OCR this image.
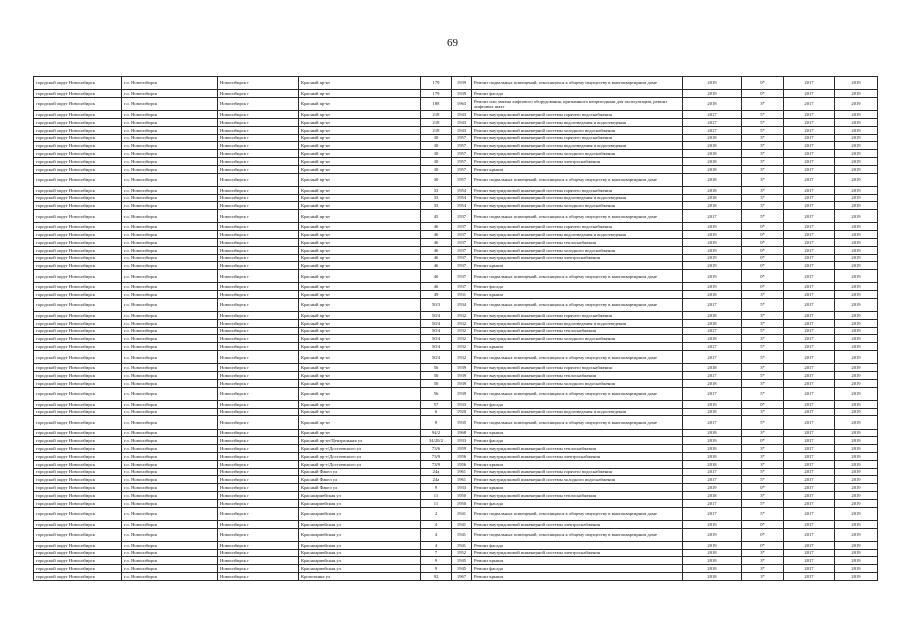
69
городской округ Новосибирск	г.о. Новосибирск	Новосибирск г	Красный пр-кт	179	1939	Ремонт подвальных помещений, относящихся к общему имуществу в многоквартирном доме	2019	0*	2017	2019
городской округ Новосибирск	г.о. Новосибирск	Новосибирск г	Красный пр-кт	179	1939	Ремонт фасада	2019	0*	2017	2019
городской округ Новосибирск	г.о. Новосибирск	Новосибирск г	Красный пр-кт	188	1963	Ремонт или замена лифтового оборудования, признанного непригодным для эксплуатации, ремонт лифтовых шахт	2018	3*	2017	2019
городской округ Новосибирск	г.о. Новосибирск	Новосибирск г	Красный пр-кт	218	1943	Ремонт внутридомовой инженерной системы горячего водоснабжения	2017	5*	2017	2019
городской округ Новосибирск	г.о. Новосибирск	Новосибирск г	Красный пр-кт	218	1943	Ремонт внутридомовой инженерной системы водоотведения и водоотведения	2017	5*	2017	2019
городской округ Новосибирск	г.о. Новосибирск	Новосибирск г	Красный пр-кт	218	1943	Ремонт внутридомовой инженерной системы холодного водоснабжения	2017	5*	2017	2019
городской округ Новосибирск	г.о. Новосибирск	Новосибирск г	Красный пр-кт	30	1957	Ремонт внутридомовой инженерной системы горячего водоснабжения	2018	3*	2017	2019
городской округ Новосибирск	г.о. Новосибирск	Новосибирск г	Красный пр-кт	30	1957	Ремонт внутридомовой инженерной системы водоотведения и водоотведения	2018	3*	2017	2019
городской округ Новосибирск	г.о. Новосибирск	Новосибирск г	Красный пр-кт	30	1957	Ремонт внутридомовой инженерной системы холодного водоснабжения	2018	3*	2017	2019
городской округ Новосибирск	г.о. Новосибирск	Новосибирск г	Красный пр-кт	30	1957	Ремонт внутридомовой инженерной системы электроснабжения	2018	3*	2017	2019
городской округ Новосибирск	г.о. Новосибирск	Новосибирск г	Красный пр-кт	30	1957	Ремонт крыши	2018	3*	2017	2019
городской округ Новосибирск	г.о. Новосибирск	Новосибирск г	Красный пр-кт	30	1957	Ремонт подвальных помещений, относящихся к общему имуществу в многоквартирном доме	2018	3*	2017	2019
городской округ Новосибирск	г.о. Новосибирск	Новосибирск г	Красный пр-кт	33	1954	Ремонт внутридомовой инженерной системы горячего водоснабжения	2018	3*	2017	2019
городской округ Новосибирск	г.о. Новосибирск	Новосибирск г	Красный пр-кт	33	1954	Ремонт внутридомовой инженерной системы водоотведения и водоотведения	2018	3*	2017	2019
городской округ Новосибирск	г.о. Новосибирск	Новосибирск г	Красный пр-кт	33	1954	Ремонт внутридомовой инженерной системы холодного водоснабжения	2018	3*	2017	2019
городской округ Новосибирск	г.о. Новосибирск	Новосибирск г	Красный пр-кт	45	1937	Ремонт подвальных помещений, относящихся к общему имуществу в многоквартирном доме	2017	5*	2017	2019
городской округ Новосибирск	г.о. Новосибирск	Новосибирск г	Красный пр-кт	46	1937	Ремонт внутридомовой инженерной системы горячего водоснабжения	2019	0*	2017	2019
городской округ Новосибирск	г.о. Новосибирск	Новосибирск г	Красный пр-кт	46	1937	Ремонт внутридомовой инженерной системы водоотведения и водоотведения	2019	0*	2017	2019
городской округ Новосибирск	г.о. Новосибирск	Новосибирск г	Красный пр-кт	46	1937	Ремонт внутридомовой инженерной системы теплоснабжения	2019	0*	2017	2019
городской округ Новосибирск	г.о. Новосибирск	Новосибирск г	Красный пр-кт	46	1937	Ремонт внутридомовой инженерной системы холодного водоснабжения	2019	0*	2017	2019
городской округ Новосибирск	г.о. Новосибирск	Новосибирск г	Красный пр-кт	46	1937	Ремонт внутридомовой инженерной системы электроснабжения	2019	0*	2017	2019
городской округ Новосибирск	г.о. Новосибирск	Новосибирск г	Красный пр-кт	46	1937	Ремонт крыши	2019	0*	2017	2019
городской округ Новосибирск	г.о. Новосибирск	Новосибирск г	Красный пр-кт	46	1937	Ремонт подвальных помещений, относящихся к общему имуществу в многоквартирном доме	2019	0*	2017	2019
городской округ Новосибирск	г.о. Новосибирск	Новосибирск г	Красный пр-кт	46	1937	Ремонт фасада	2019	0*	2017	2019
городской округ Новосибирск	г.о. Новосибирск	Новосибирск г	Красный пр-кт	49	1931	Ремонт крыши	2018	3*	2017	2019
городской округ Новосибирск	г.о. Новосибирск	Новосибирск г	Красный пр-кт	50/3	1934	Ремонт подвальных помещений, относящихся к общему имуществу в многоквартирном доме	2017	5*	2017	2019
городской округ Новосибирск	г.о. Новосибирск	Новосибирск г	Красный пр-кт	50/4	1932	Ремонт внутридомовой инженерной системы горячего водоснабжения	2018	3*	2017	2019
городской округ Новосибирск	г.о. Новосибирск	Новосибирск г	Красный пр-кт	50/4	1932	Ремонт внутридомовой инженерной системы водоотведения и водоотведения	2018	3*	2017	2019
городской округ Новосибирск	г.о. Новосибирск	Новосибирск г	Красный пр-кт	50/4	1932	Ремонт внутридомовой инженерной системы теплоснабжения	2017	5*	2017	2019
городской округ Новосибирск	г.о. Новосибирск	Новосибирск г	Красный пр-кт	50/4	1932	Ремонт внутридомовой инженерной системы холодного водоснабжения	2018	3*	2017	2019
городской округ Новосибирск	г.о. Новосибирск	Новосибирск г	Красный пр-кт	50/4	1932	Ремонт крыши	2017	5*	2017	2019
городской округ Новосибирск	г.о. Новосибирск	Новосибирск г	Красный пр-кт	50/4	1932	Ремонт подвальных помещений, относящихся к общему имуществу в многоквартирном доме	2017	5*	2017	2019
городской округ Новосибирск	г.о. Новосибирск	Новосибирск г	Красный пр-кт	56	1939	Ремонт внутридомовой инженерной системы горячего водоснабжения	2018	3*	2017	2019
городской округ Новосибирск	г.о. Новосибирск	Новосибирск г	Красный пр-кт	56	1939	Ремонт внутридомовой инженерной системы теплоснабжения	2017	5*	2017	2019
городской округ Новосибирск	г.о. Новосибирск	Новосибирск г	Красный пр-кт	56	1939	Ремонт внутридомовой инженерной системы холодного водоснабжения	2018	3*	2017	2019
городской округ Новосибирск	г.о. Новосибирск	Новосибирск г	Красный пр-кт	56	1939	Ремонт подвальных помещений, относящихся к общему имуществу в многоквартирном доме	2017	5*	2017	2019
городской округ Новосибирск	г.о. Новосибирск	Новосибирск г	Красный пр-кт	57	1933	Ремонт фасада	2019	0*	2017	2019
городской округ Новосибирск	г.о. Новосибирск	Новосибирск г	Красный пр-кт	6	1920	Ремонт внутридомовой инженерной системы водоотведения и водоотведения	2018	3*	2017	2019
городской округ Новосибирск	г.о. Новосибирск	Новосибирск г	Красный пр-кт	8	1935	Ремонт подвальных помещений, относящихся к общему имуществу в многоквартирном доме	2017	5*	2017	2019
городской округ Новосибирск	г.о. Новосибирск	Новосибирск г	Красный пр-кт	94/2	1968	Ремонт крыши	2018	3*	2017	2019
городской округ Новосибирск	г.о. Новосибирск	Новосибирск г	Красный пр-кт/Центральная ул	34/20/2	1933	Ремонт фасада	2019	0*	2017	2019
городской округ Новосибирск	г.о. Новосибирск	Новосибирск г	Красный пр-т/Достоевского ул	73/6	1959	Ремонт внутридомовой инженерной системы теплоснабжения	2018	3*	2017	2019
городской округ Новосибирск	г.о. Новосибирск	Новосибирск г	Красный пр-т/Достоевского ул	73/9	1956	Ремонт внутридомовой инженерной системы электроснабжения	2018	3*	2017	2019
городской округ Новосибирск	г.о. Новосибирск	Новосибирск г	Красный пр-т/Достоевского ул	73/9	1956	Ремонт крыши	2018	3*	2017	2019
городской округ Новосибирск	г.о. Новосибирск	Новосибирск г	Красный Факел ул	24а	1961	Ремонт внутридомовой инженерной системы горячего водоснабжения	2017	5*	2017	2019
городской округ Новосибирск	г.о. Новосибирск	Новосибирск г	Красный Факел ул	24а	1961	Ремонт внутридомовой инженерной системы холодного водоснабжения	2017	5*	2017	2019
городской округ Новосибирск	г.о. Новосибирск	Новосибирск г	Красный Факел ул	9	1933	Ремонт крыши	2019	0*	2017	2019
городской округ Новосибирск	г.о. Новосибирск	Новосибирск г	Красноармейская ул	11	1950	Ремонт внутридомовой инженерной системы теплоснабжения	2018	3*	2017	2019
городской округ Новосибирск	г.о. Новосибирск	Новосибирск г	Красноармейская ул	11	1950	Ремонт фасада	2017	5*	2017	2019
городской округ Новосибирск	г.о. Новосибирск	Новосибирск г	Красноармейская ул	2	1941	Ремонт подвальных помещений, относящихся к общему имуществу в многоквартирном доме	2017	5*	2017	2019
городской округ Новосибирск	г.о. Новосибирск	Новосибирск г	Красноармейская ул	4	1941	Ремонт внутридомовой инженерной системы электроснабжения	2019	0*	2017	2019
городской округ Новосибирск	г.о. Новосибирск	Новосибирск г	Красноармейская ул	4	1941	Ремонт подвальных помещений, относящихся к общему имуществу в многоквартирном доме	2019	0*	2017	2019
городской округ Новосибирск	г.о. Новосибирск	Новосибирск г	Красноармейская ул	4	1941	Ремонт фасада	2019	0*	2017	2019
городской округ Новосибирск	г.о. Новосибирск	Новосибирск г	Красноармейская ул	7	1952	Ремонт внутридомовой инженерной системы электроснабжения	2018	3*	2017	2019
городской округ Новосибирск	г.о. Новосибирск	Новосибирск г	Красноармейская ул	9	1945	Ремонт крыши	2018	3*	2017	2019
городской округ Новосибирск	г.о. Новосибирск	Новосибирск г	Красноармейская ул	9	1945	Ремонт фасада	2018	3*	2017	2019
городской округ Новосибирск	г.о. Новосибирск	Новосибирск г	Кропоткина ул	92	1967	Ремонт крыши	2018	3*	2017	2019
